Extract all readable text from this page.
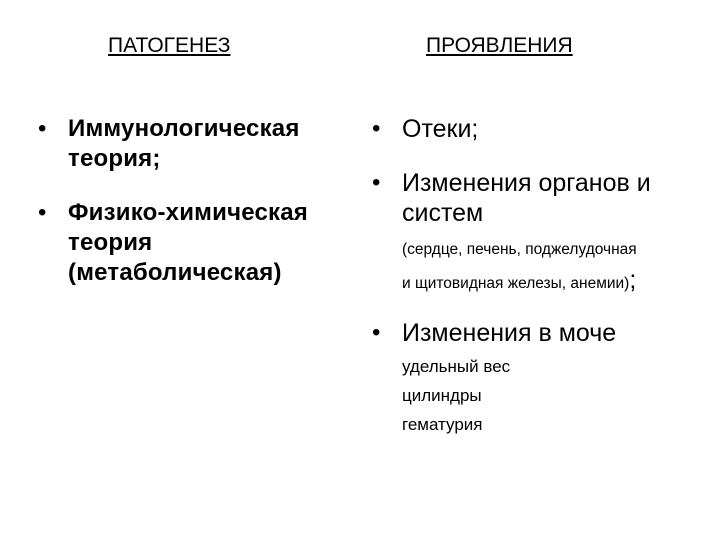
ПАТОГЕНЕЗ	ПРОЯВЛЕНИЯ
• Иммунологическая
теория;
• Физико-химическая
теория
(метаболическая)
• Отеки;
• Изменения органов и
систем
(сердце, печень, поджелудочная
и щитовидная железы, анемии);
• Изменения в моче
удельный вес
цилиндры
гематурия
